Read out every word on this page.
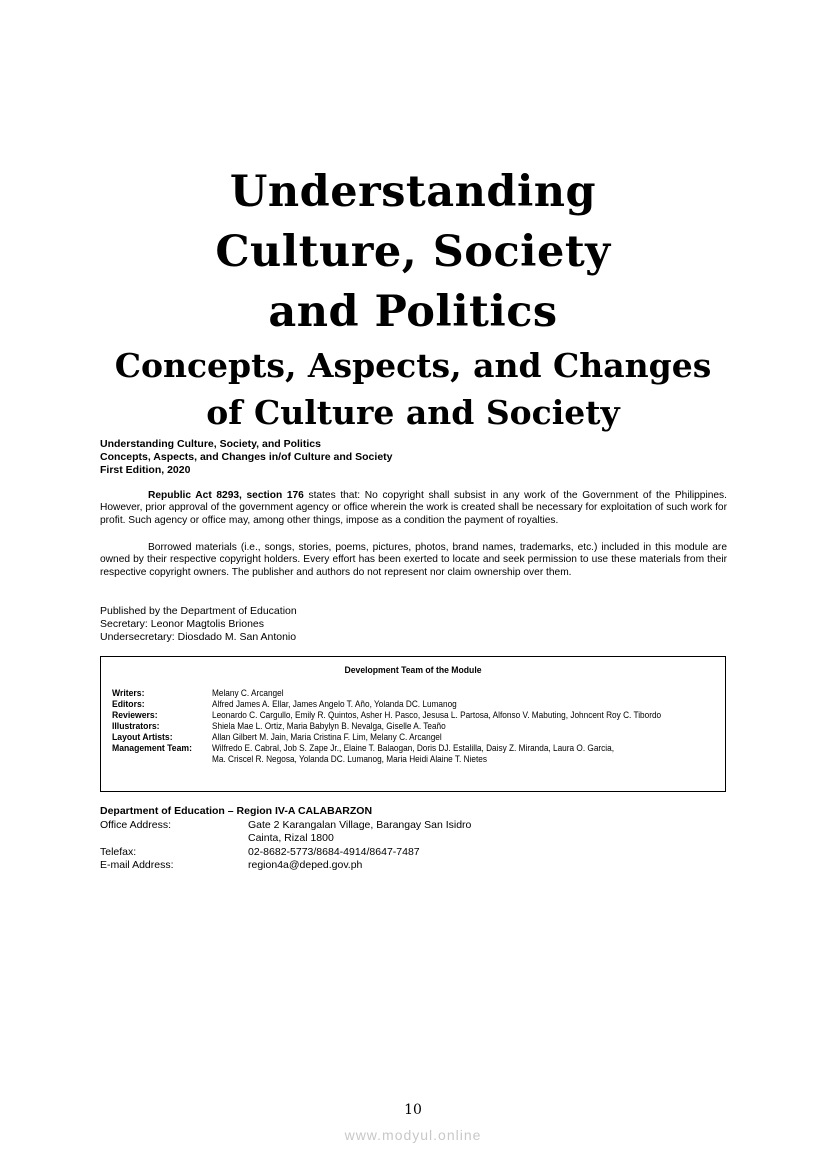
Understanding
Culture, Society
and Politics
Concepts, Aspects, and Changes
of Culture and Society
Understanding Culture, Society, and Politics
Concepts, Aspects, and Changes in/of Culture and Society
First Edition, 2020
Republic Act 8293, section 176 states that: No copyright shall subsist in any work of the Government of the Philippines. However, prior approval of the government agency or office wherein the work is created shall be necessary for exploitation of such work for profit. Such agency or office may, among other things, impose as a condition the payment of royalties.
Borrowed materials (i.e., songs, stories, poems, pictures, photos, brand names, trademarks, etc.) included in this module are owned by their respective copyright holders. Every effort has been exerted to locate and seek permission to use these materials from their respective copyright owners. The publisher and authors do not represent nor claim ownership over them.
Published by the Department of Education
Secretary: Leonor Magtolis Briones
Undersecretary: Diosdado M. San Antonio
Development Team of the Module
Writers:	Melany C. Arcangel
Editors:	Alfred James A. Ellar, James Angelo T. Año, Yolanda DC. Lumanog
Reviewers:	Leonardo C. Cargullo, Emily R. Quintos, Asher H. Pasco, Jesusa L. Partosa, Alfonso V. Mabuting, Johncent Roy C. Tibordo
Illustrators:	Shiela Mae L. Ortiz, Maria Babylyn B. Nevalga, Giselle A. Teaño
Layout Artists:	Allan Gilbert M. Jain, Maria Cristina F. Lim, Melany C. Arcangel
Management Team:	Wilfredo E. Cabral, Job S. Zape Jr., Elaine T. Balaogan, Doris DJ. Estalilla, Daisy Z. Miranda, Laura O. Garcia,
Ma. Criscel R. Negosa, Yolanda DC. Lumanog, Maria Heidi Alaine T. Nietes
Department of Education – Region IV-A CALABARZON
Office Address:	Gate 2 Karangalan Village, Barangay San Isidro
Cainta, Rizal 1800
Telefax:	02-8682-5773/8684-4914/8647-7487
E-mail Address:	region4a@deped.gov.ph
10
www.modyul.online
